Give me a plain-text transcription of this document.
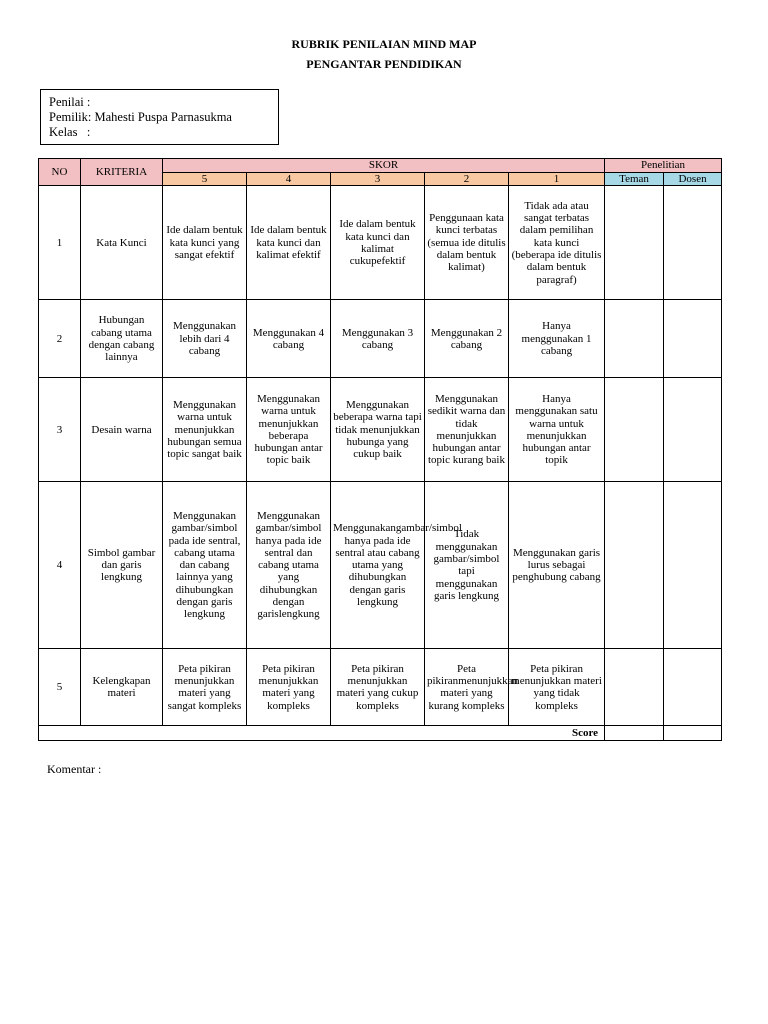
RUBRIK PENILAIAN MIND MAP
PENGANTAR PENDIDIKAN
Penilai :
Pemilik: Mahesti Puspa Parnasukma
Kelas   :
NO	KRITERIA	SKOR					Penelitian	
		5	4	3	2	1	Teman	Dosen
1	Kata Kunci	Ide dalam bentuk kata kunci yang sangat efektif	Ide dalam bentuk kata kunci dan kalimat efektif	Ide dalam bentuk kata kunci dan kalimat cukupefektif	Penggunaan kata kunci terbatas (semua ide ditulis dalam bentuk kalimat)	Tidak ada atau sangat terbatas dalam pemilihan kata kunci (beberapa ide ditulis dalam bentuk paragraf)		
2	Hubungan cabang utama dengan cabang lainnya	Menggunakan lebih dari 4 cabang	Menggunakan 4 cabang	Menggunakan 3 cabang	Menggunakan 2 cabang	Hanya menggunakan 1 cabang		
3	Desain warna	Menggunakan warna untuk menunjukkan hubungan semua topic sangat baik	Menggunakan warna untuk menunjukkan beberapa hubungan antar topic baik	Menggunakan beberapa warna tapi tidak menunjukkan hubunga yang cukup baik	Menggunakan sedikit warna dan tidak menunjukkan hubungan antar topic kurang baik	Hanya menggunakan satu warna untuk menunjukkan hubungan antar topik		
4	Simbol gambar dan garis lengkung	Menggunakan gambar/simbol pada ide sentral, cabang utama dan cabang lainnya yang dihubungkan dengan garis lengkung	Menggunakan gambar/simbol hanya pada ide sentral dan cabang utama yang dihubungkan dengan garislengkung	Menggunakangambar/simbol hanya pada ide sentral atau cabang utama yang dihubungkan dengan garis lengkung	Tidak menggunakan gambar/simbol tapi menggunakan garis lengkung	Menggunakan garis lurus sebagai penghubung cabang		
5	Kelengkapan materi	Peta pikiran menunjukkan materi yang sangat kompleks	Peta pikiran menunjukkan materi yang kompleks	Peta pikiran menunjukkan materi yang cukup kompleks	Peta pikiranmenunjukkan materi yang kurang kompleks	Peta pikiran menunjukkan materi yang tidak kompleks		
Score								
Komentar :
